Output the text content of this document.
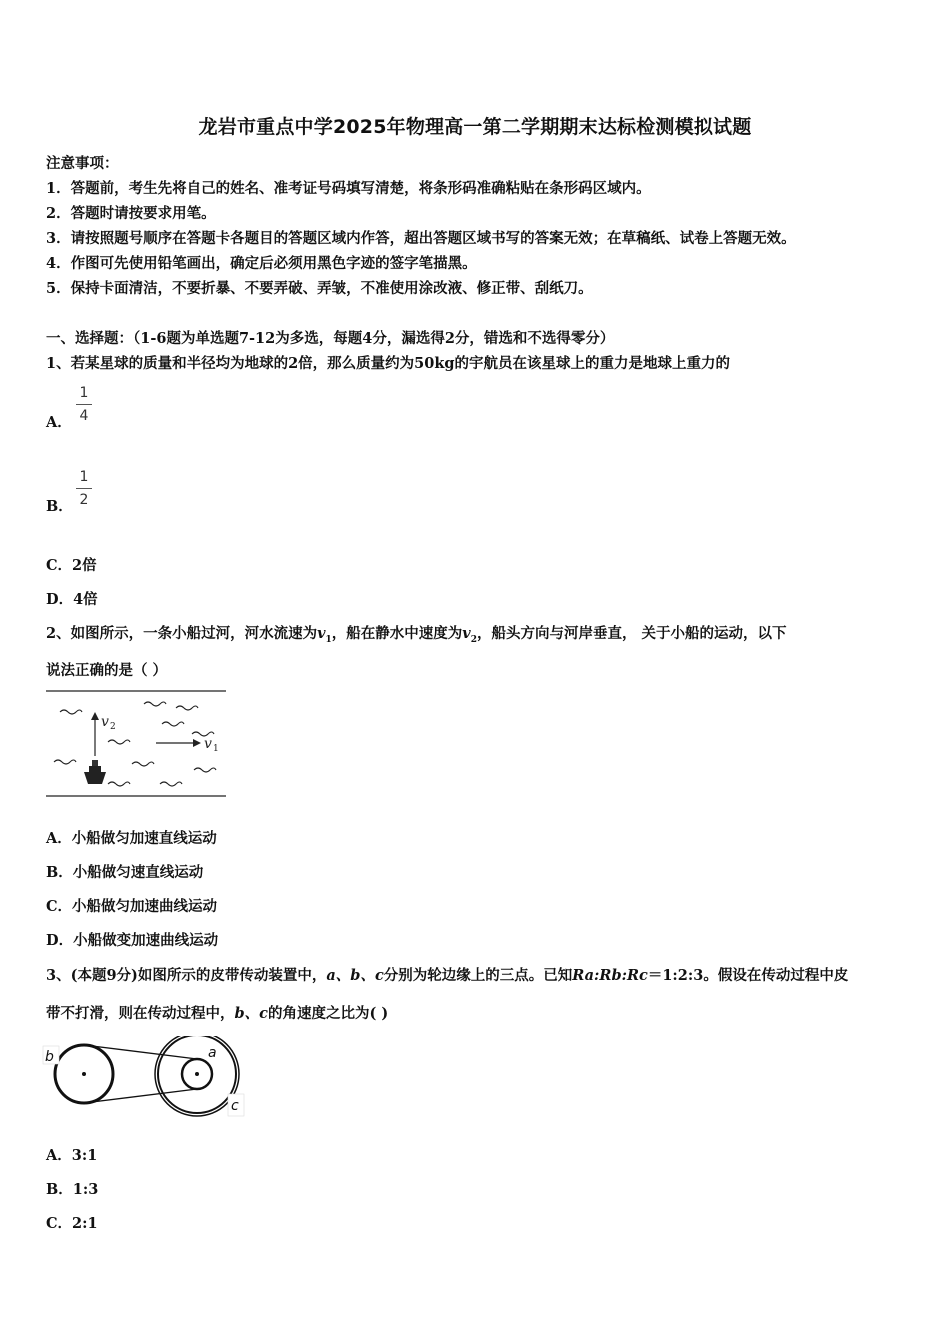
龙岩市重点中学2025年物理高一第二学期期末达标检测模拟试题
注意事项：
1．答题前，考生先将自己的姓名、准考证号码填写清楚，将条形码准确粘贴在条形码区域内。
2．答题时请按要求用笔。
3．请按照题号顺序在答题卡各题目的答题区域内作答，超出答题区域书写的答案无效；在草稿纸、试卷上答题无效。
4．作图可先使用铅笔画出，确定后必须用黑色字迹的签字笔描黑。
5．保持卡面清洁，不要折暴、不要弄破、弄皱，不准使用涂改液、修正带、刮纸刀。
一、选择题：（1-6题为单选题7-12为多选，每题4分，漏选得2分，错选和不选得零分）
1、若某星球的质量和半径均为地球的2倍，那么质量约为50kg的宇航员在该星球上的重力是地球上重力的
A．
1
4
B．
1
2
C．2倍
D．4倍
2、如图所示，一条小船过河，河水流速为$v_1$，船在静水中速度为$v_2$，船头方向与河岸垂直， 关于小船的运动，以下
说法正确的是（ ）
v 2
v 1
A．小船做匀加速直线运动
B．小船做匀速直线运动
C．小船做匀加速曲线运动
D．小船做变加速曲线运动
3、(本题9分)如图所示的皮带传动装置中，a、b、c分别为轮边缘上的三点。已知Ra:Rb:Rc＝1:2:3。假设在传动过程中皮
带不打滑，则在传动过程中，b、c的角速度之比为( )
b	a
c
A．3:1
B．1:3
C．2:1
